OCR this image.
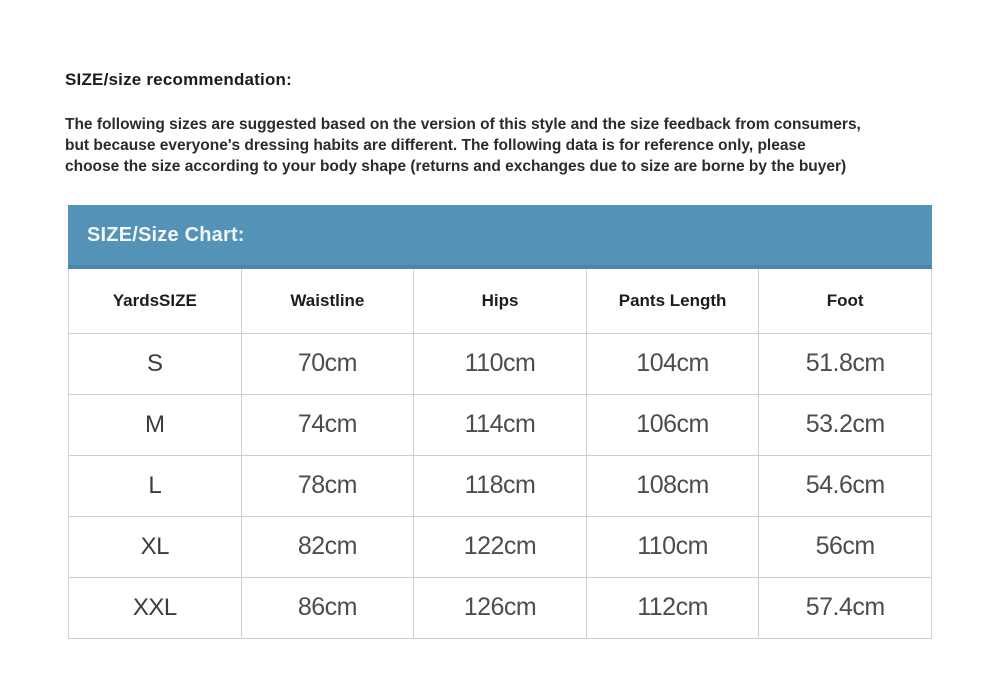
SIZE/size recommendation:
The following sizes are suggested based on the version of this style and the size feedback from consumers,
but because everyone's dressing habits are different. The following data is for reference only, please
choose the size according to your body shape (returns and exchanges due to size are borne by the buyer)
SIZE/Size Chart:
YardsSIZE	Waistline	Hips	Pants Length	Foot
S	70cm	110cm	104cm	51.8cm
M	74cm	114cm	106cm	53.2cm
L	78cm	118cm	108cm	54.6cm
XL	82cm	122cm	110cm	56cm
XXL	86cm	126cm	112cm	57.4cm
